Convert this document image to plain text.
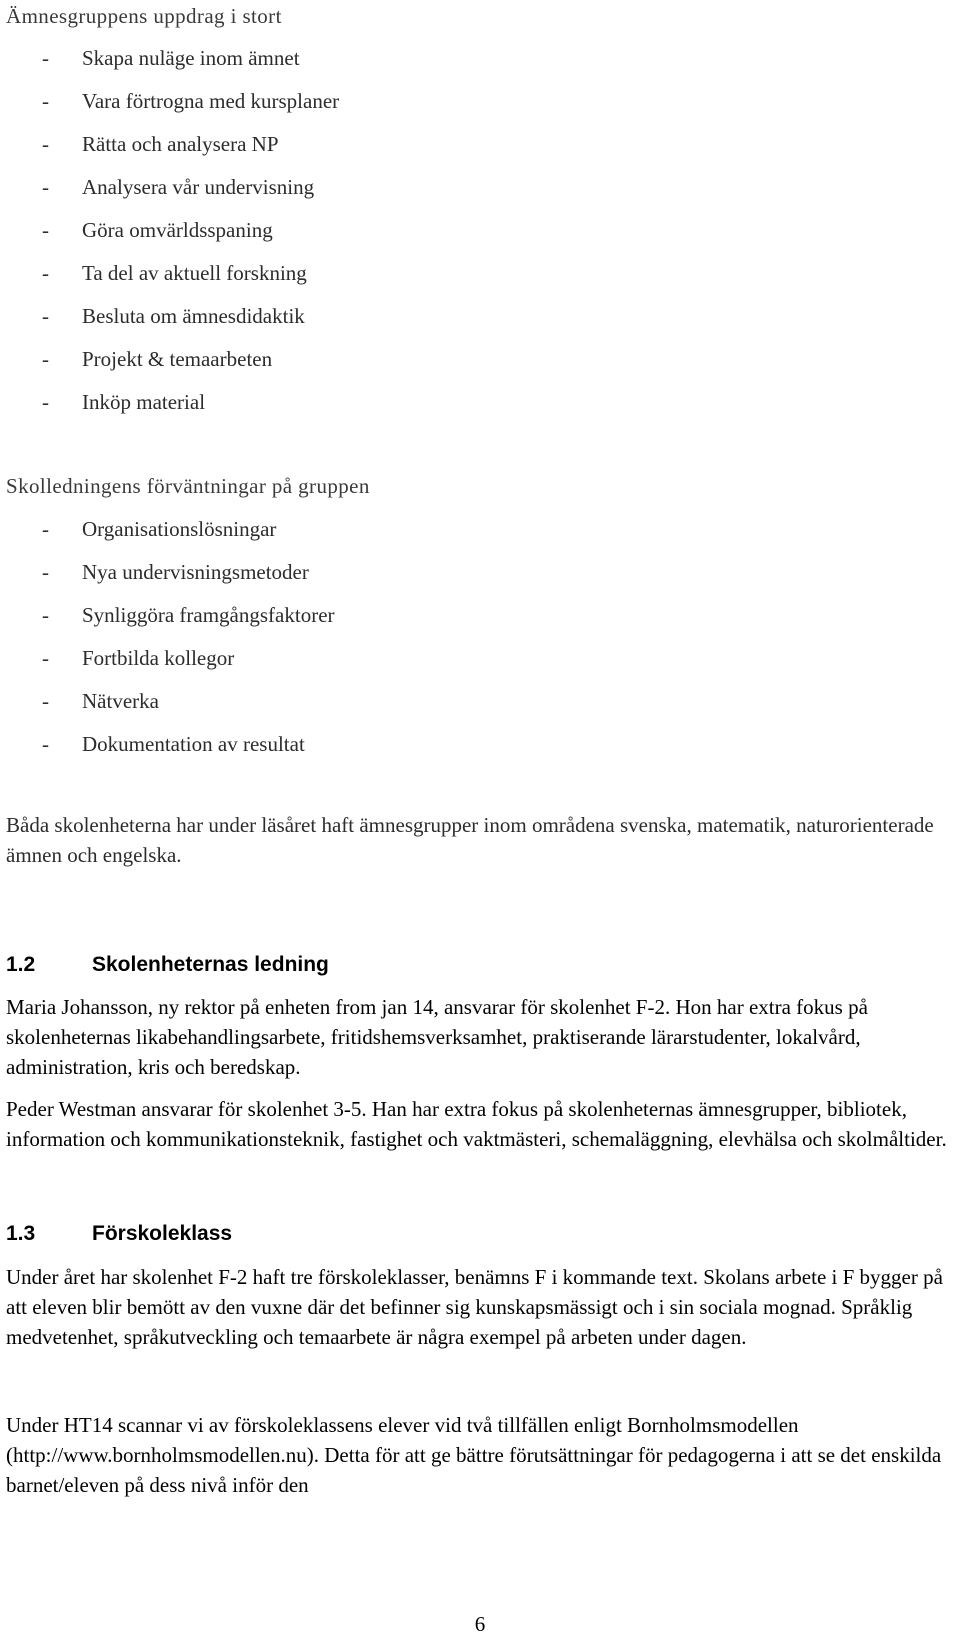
Ämnesgruppens uppdrag i stort
- Skapa nuläge inom ämnet
- Vara förtrogna med kursplaner
- Rätta och analysera NP
- Analysera vår undervisning
- Göra omvärldsspaning
- Ta del av aktuell forskning
- Besluta om ämnesdidaktik
- Projekt & temaarbeten
- Inköp material
Skolledningens förväntningar på gruppen
- Organisationslösningar
- Nya undervisningsmetoder
- Synliggöra framgångsfaktorer
- Fortbilda kollegor
- Nätverka
- Dokumentation av resultat

Båda skolenheterna har under läsåret haft ämnesgrupper inom områdena svenska, matematik, naturorienterade ämnen och engelska.

1.2	Skolenheternas ledning

Maria Johansson, ny rektor på enheten from jan 14, ansvarar för skolenhet F-2. Hon har extra fokus på skolenheternas likabehandlingsarbete, fritidshemsverksamhet, praktiserande lärarstudenter, lokalvård, administration, kris och beredskap.

Peder Westman ansvarar för skolenhet 3-5. Han har extra fokus på skolenheternas ämnesgrupper, bibliotek, information och kommunikationsteknik, fastighet och vaktmästeri, schemaläggning, elevhälsa och skolmåltider.

1.3	Förskoleklass

Under året har skolenhet F-2 haft tre förskoleklasser, benämns F i kommande text. Skolans arbete i F bygger på att eleven blir bemött av den vuxne där det befinner sig kunskapsmässigt och i sin sociala mognad. Språklig medvetenhet, språkutveckling och temaarbete är några exempel på arbeten under dagen.

Under HT14 scannar vi av förskoleklassens elever vid två tillfällen enligt Bornholmsmodellen (http://www.bornholmsmodellen.nu). Detta för att ge bättre förutsättningar för pedagogerna i att se det enskilda barnet/eleven på dess nivå inför den

6
